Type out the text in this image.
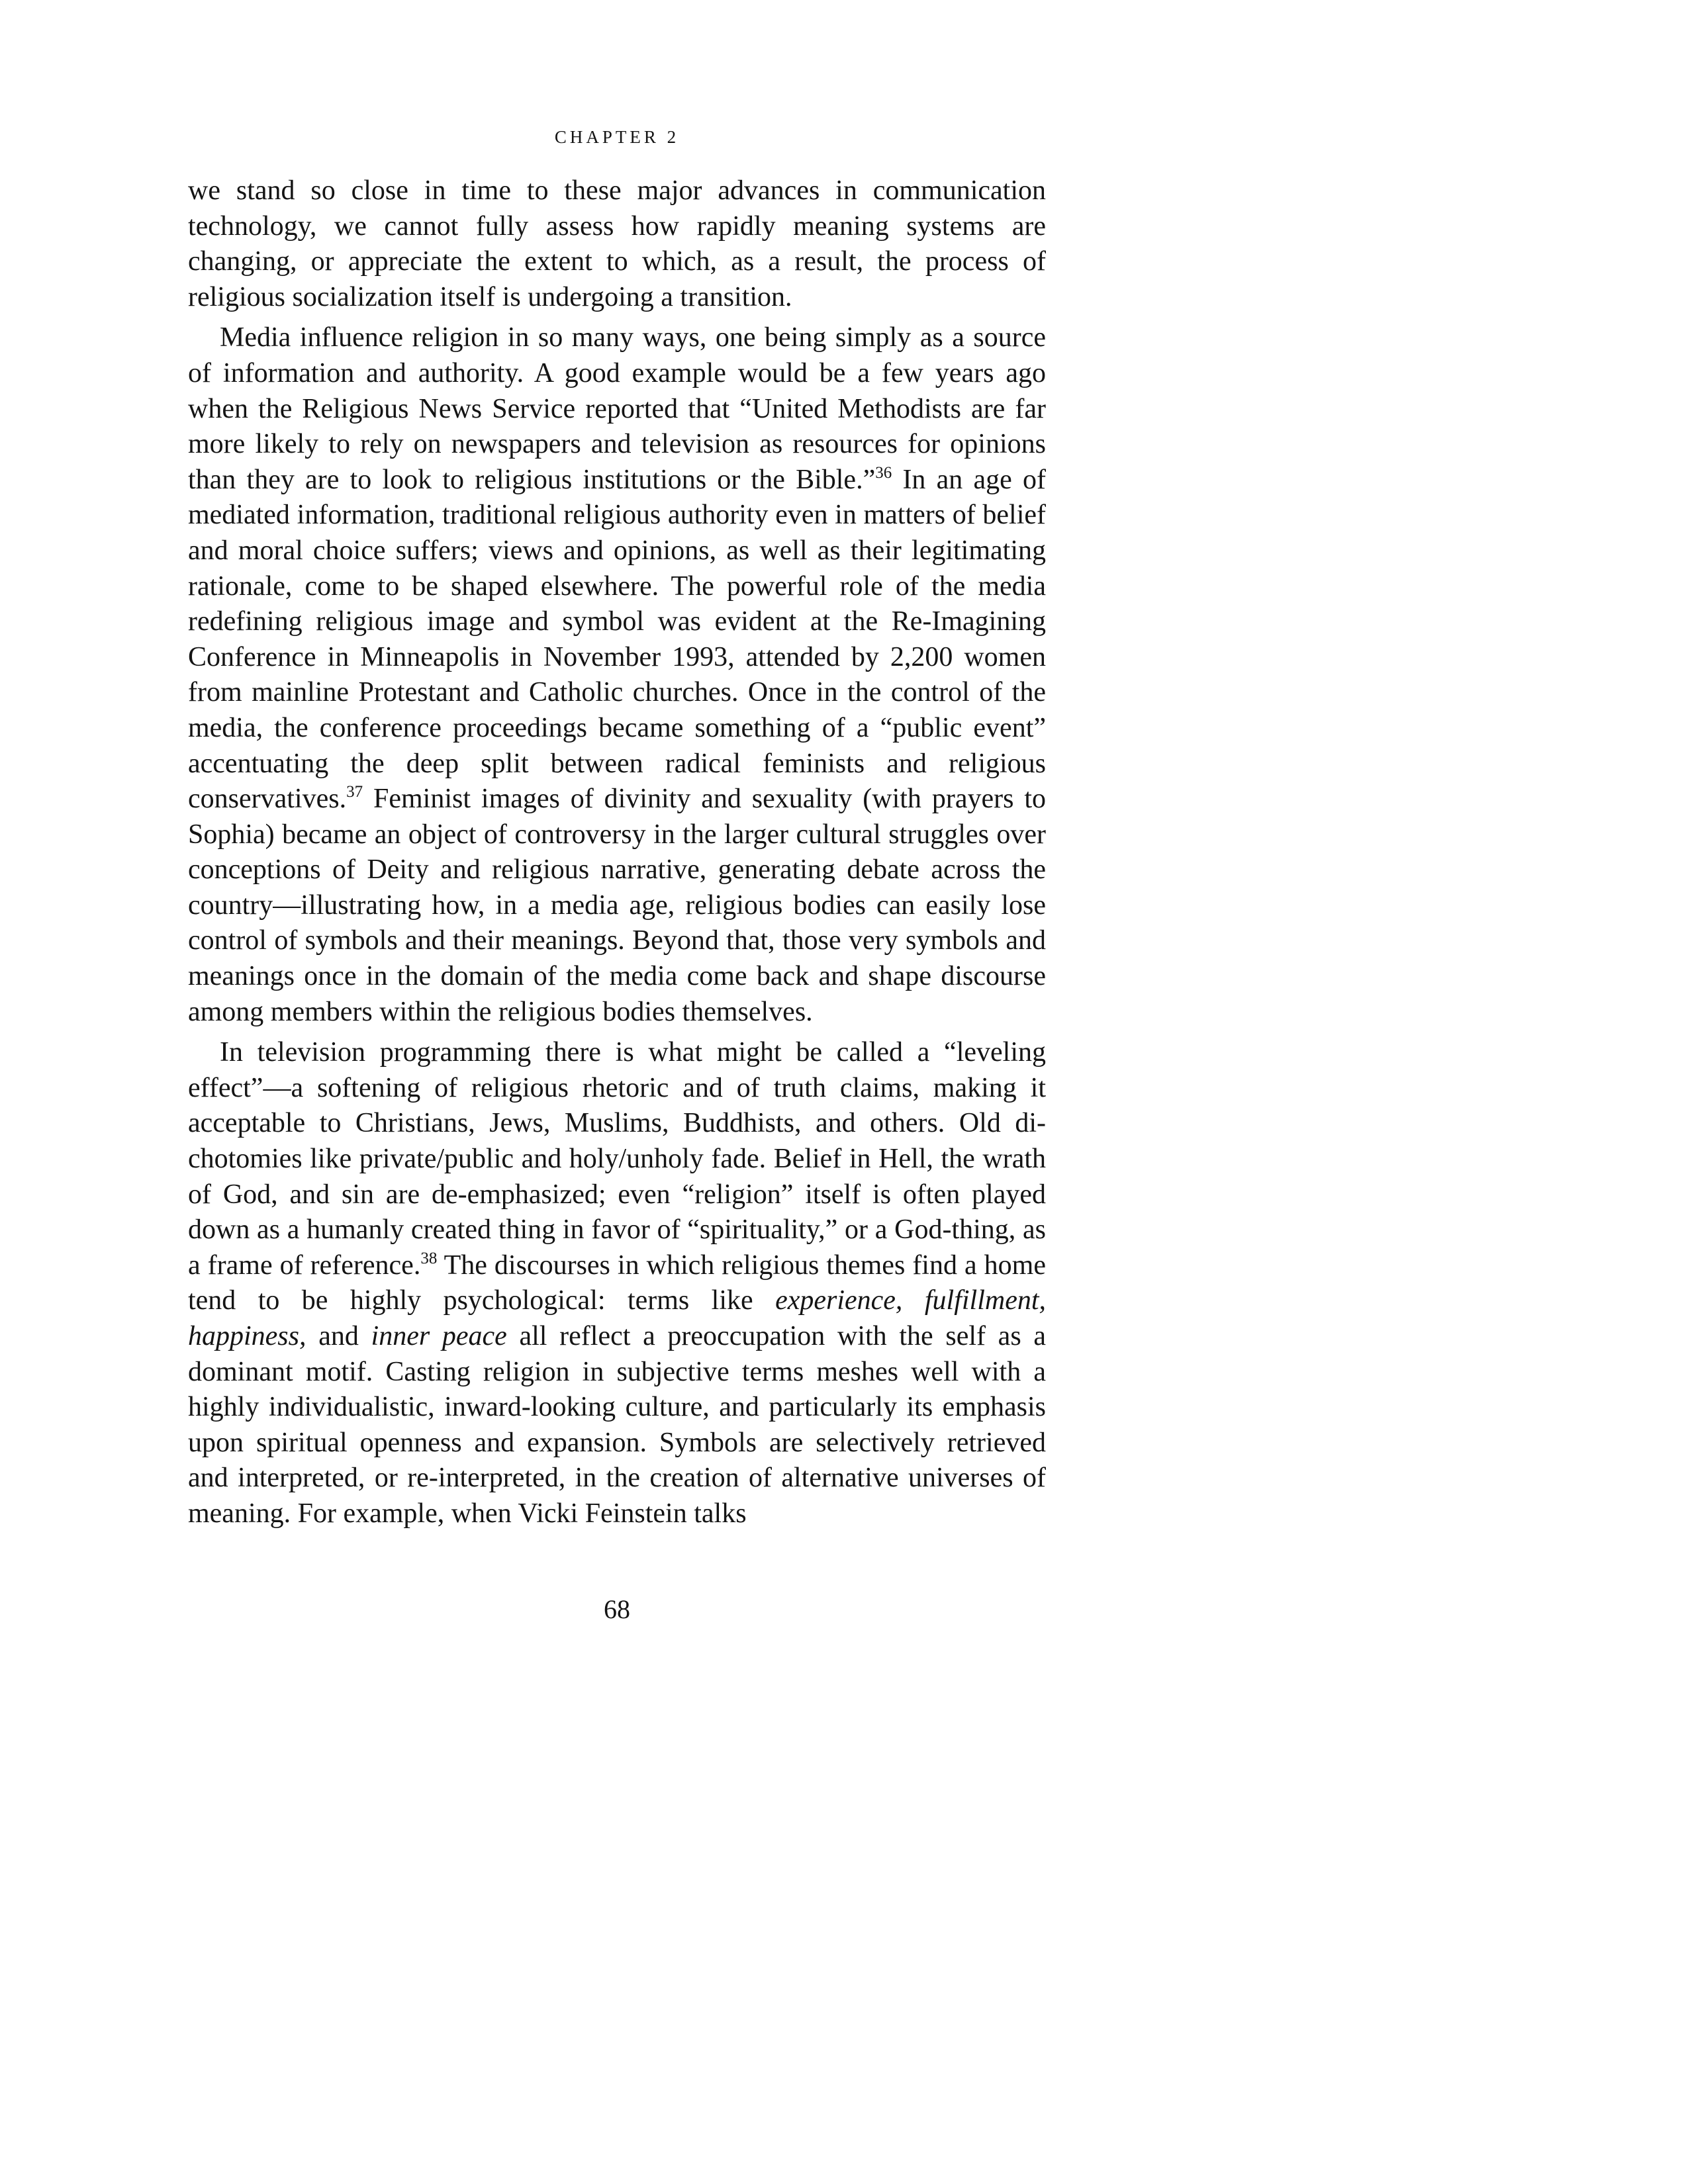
CHAPTER 2

we stand so close in time to these major advances in communication technology, we cannot fully assess how rapidly meaning systems are changing, or appreciate the extent to which, as a result, the process of religious socialization itself is undergoing a transition.

Media influence religion in so many ways, one being simply as a source of information and authority. A good example would be a few years ago when the Religious News Service reported that “United Methodists are far more likely to rely on newspapers and television as resources for opinions than they are to look to religious institutions or the Bible.”$^{36}$ In an age of mediated information, traditional religious authority even in matters of belief and moral choice suffers; views and opinions, as well as their legitimating rationale, come to be shaped elsewhere. The powerful role of the media redefining religious image and symbol was evident at the Re-Imagining Conference in Minneapolis in November 1993, attended by 2,200 women from mainline Protestant and Catholic churches. Once in the control of the media, the conference proceedings became something of a “public event” accentuating the deep split between radical feminists and religious conservatives.$^{37}$ Feminist images of divinity and sexuality (with prayers to Sophia) became an object of controversy in the larger cultural struggles over conceptions of Deity and religious narrative, generating debate across the country—illustrating how, in a media age, religious bodies can easily lose control of symbols and their meanings. Beyond that, those very symbols and meanings once in the domain of the media come back and shape discourse among members within the religious bodies themselves.

In television programming there is what might be called a “leveling effect”—a softening of religious rhetoric and of truth claims, making it acceptable to Christians, Jews, Muslims, Buddhists, and others. Old dichotomies like private/public and holy/unholy fade. Belief in Hell, the wrath of God, and sin are de-emphasized; even “religion” itself is often played down as a humanly created thing in favor of “spirituality,” or a God-thing, as a frame of reference.$^{38}$ The discourses in which religious themes find a home tend to be highly psychological: terms like experience, fulfillment, happiness, and inner peace all reflect a preoccupation with the self as a dominant motif. Casting religion in subjective terms meshes well with a highly individualistic, inward-looking culture, and particularly its emphasis upon spiritual openness and expansion. Symbols are selectively retrieved and interpreted, or re-interpreted, in the creation of alternative universes of meaning. For example, when Vicki Feinstein talks

68
